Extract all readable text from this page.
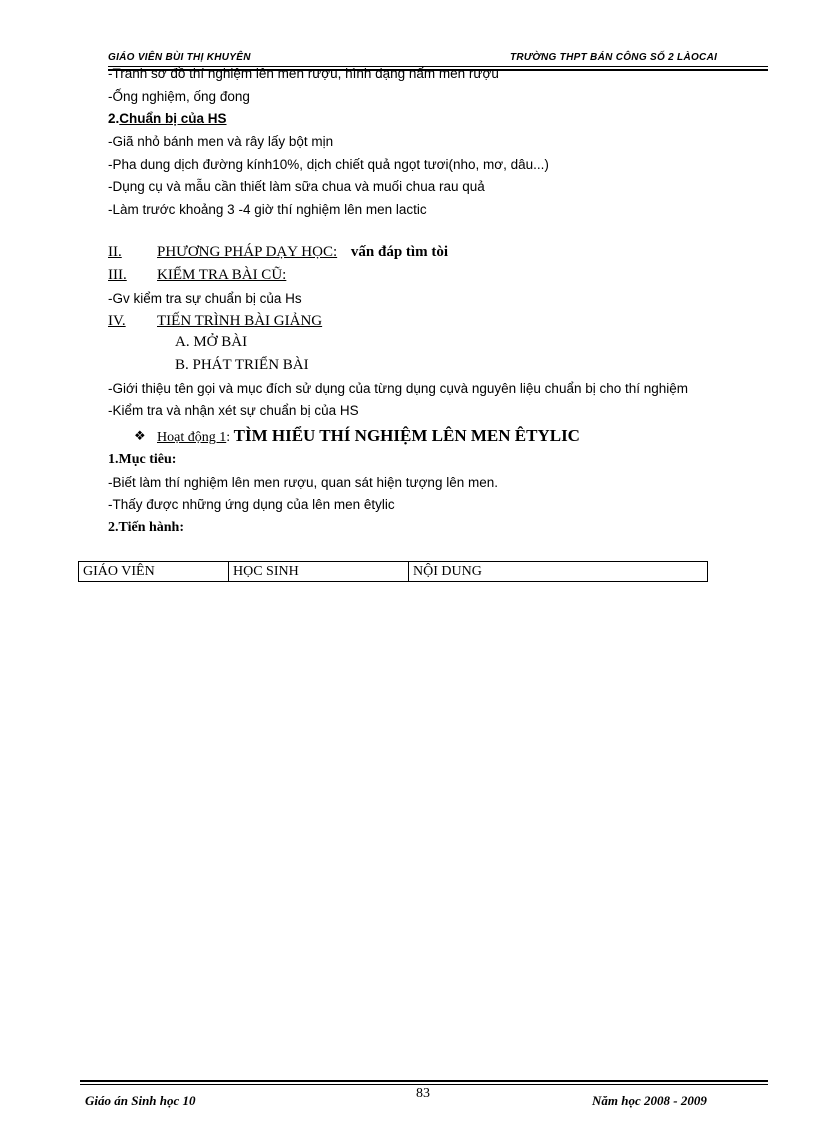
GIÁO VIÊN BÙI THỊ KHUYÊN	TRƯỜNG THPT BÁN CÔNG SỐ 2 LÀOCAI
-Tranh sơ đồ thí nghiệm lên men rượu, hình dạng nấm men rượu
-Ống nghiệm, ống đong
2.Chuẩn bị của HS
-Giã nhỏ bánh men và rây lấy bột mịn
-Pha dung dịch đường kính10%, dịch chiết quả ngọt tươi(nho, mơ, dâu...)
-Dụng cụ và mẫu cần thiết làm sữa chua và muối chua rau quả
-Làm trước khoảng 3 -4 giờ thí nghiệm lên men lactic
II. PHƯƠNG PHÁP DẠY HỌC: vấn đáp tìm tòi
III. KIỂM TRA BÀI CŨ:
-Gv kiểm tra sự chuẩn bị của Hs
IV. TIẾN TRÌNH BÀI GIẢNG
A. MỞ BÀI
B. PHÁT TRIỂN BÀI
-Giới thiệu tên gọi và mục đích sử dụng của từng dụng cụvà nguyên liệu chuẩn bị cho thí nghiệm
-Kiểm tra và nhận xét sự chuẩn bị của HS
❖ Hoạt động 1: TÌM HIỂU THÍ NGHIỆM LÊN MEN ÊTYLIC
1.Mục tiêu:
-Biết làm thí nghiệm lên men rượu, quan sát hiện tượng lên men.
-Thấy được những ứng dụng của lên men êtylic
2.Tiến hành:
GIÁO VIÊN	HỌC SINH	NỘI DUNG
Giáo án Sinh học 10	83	Năm học 2008 - 2009
